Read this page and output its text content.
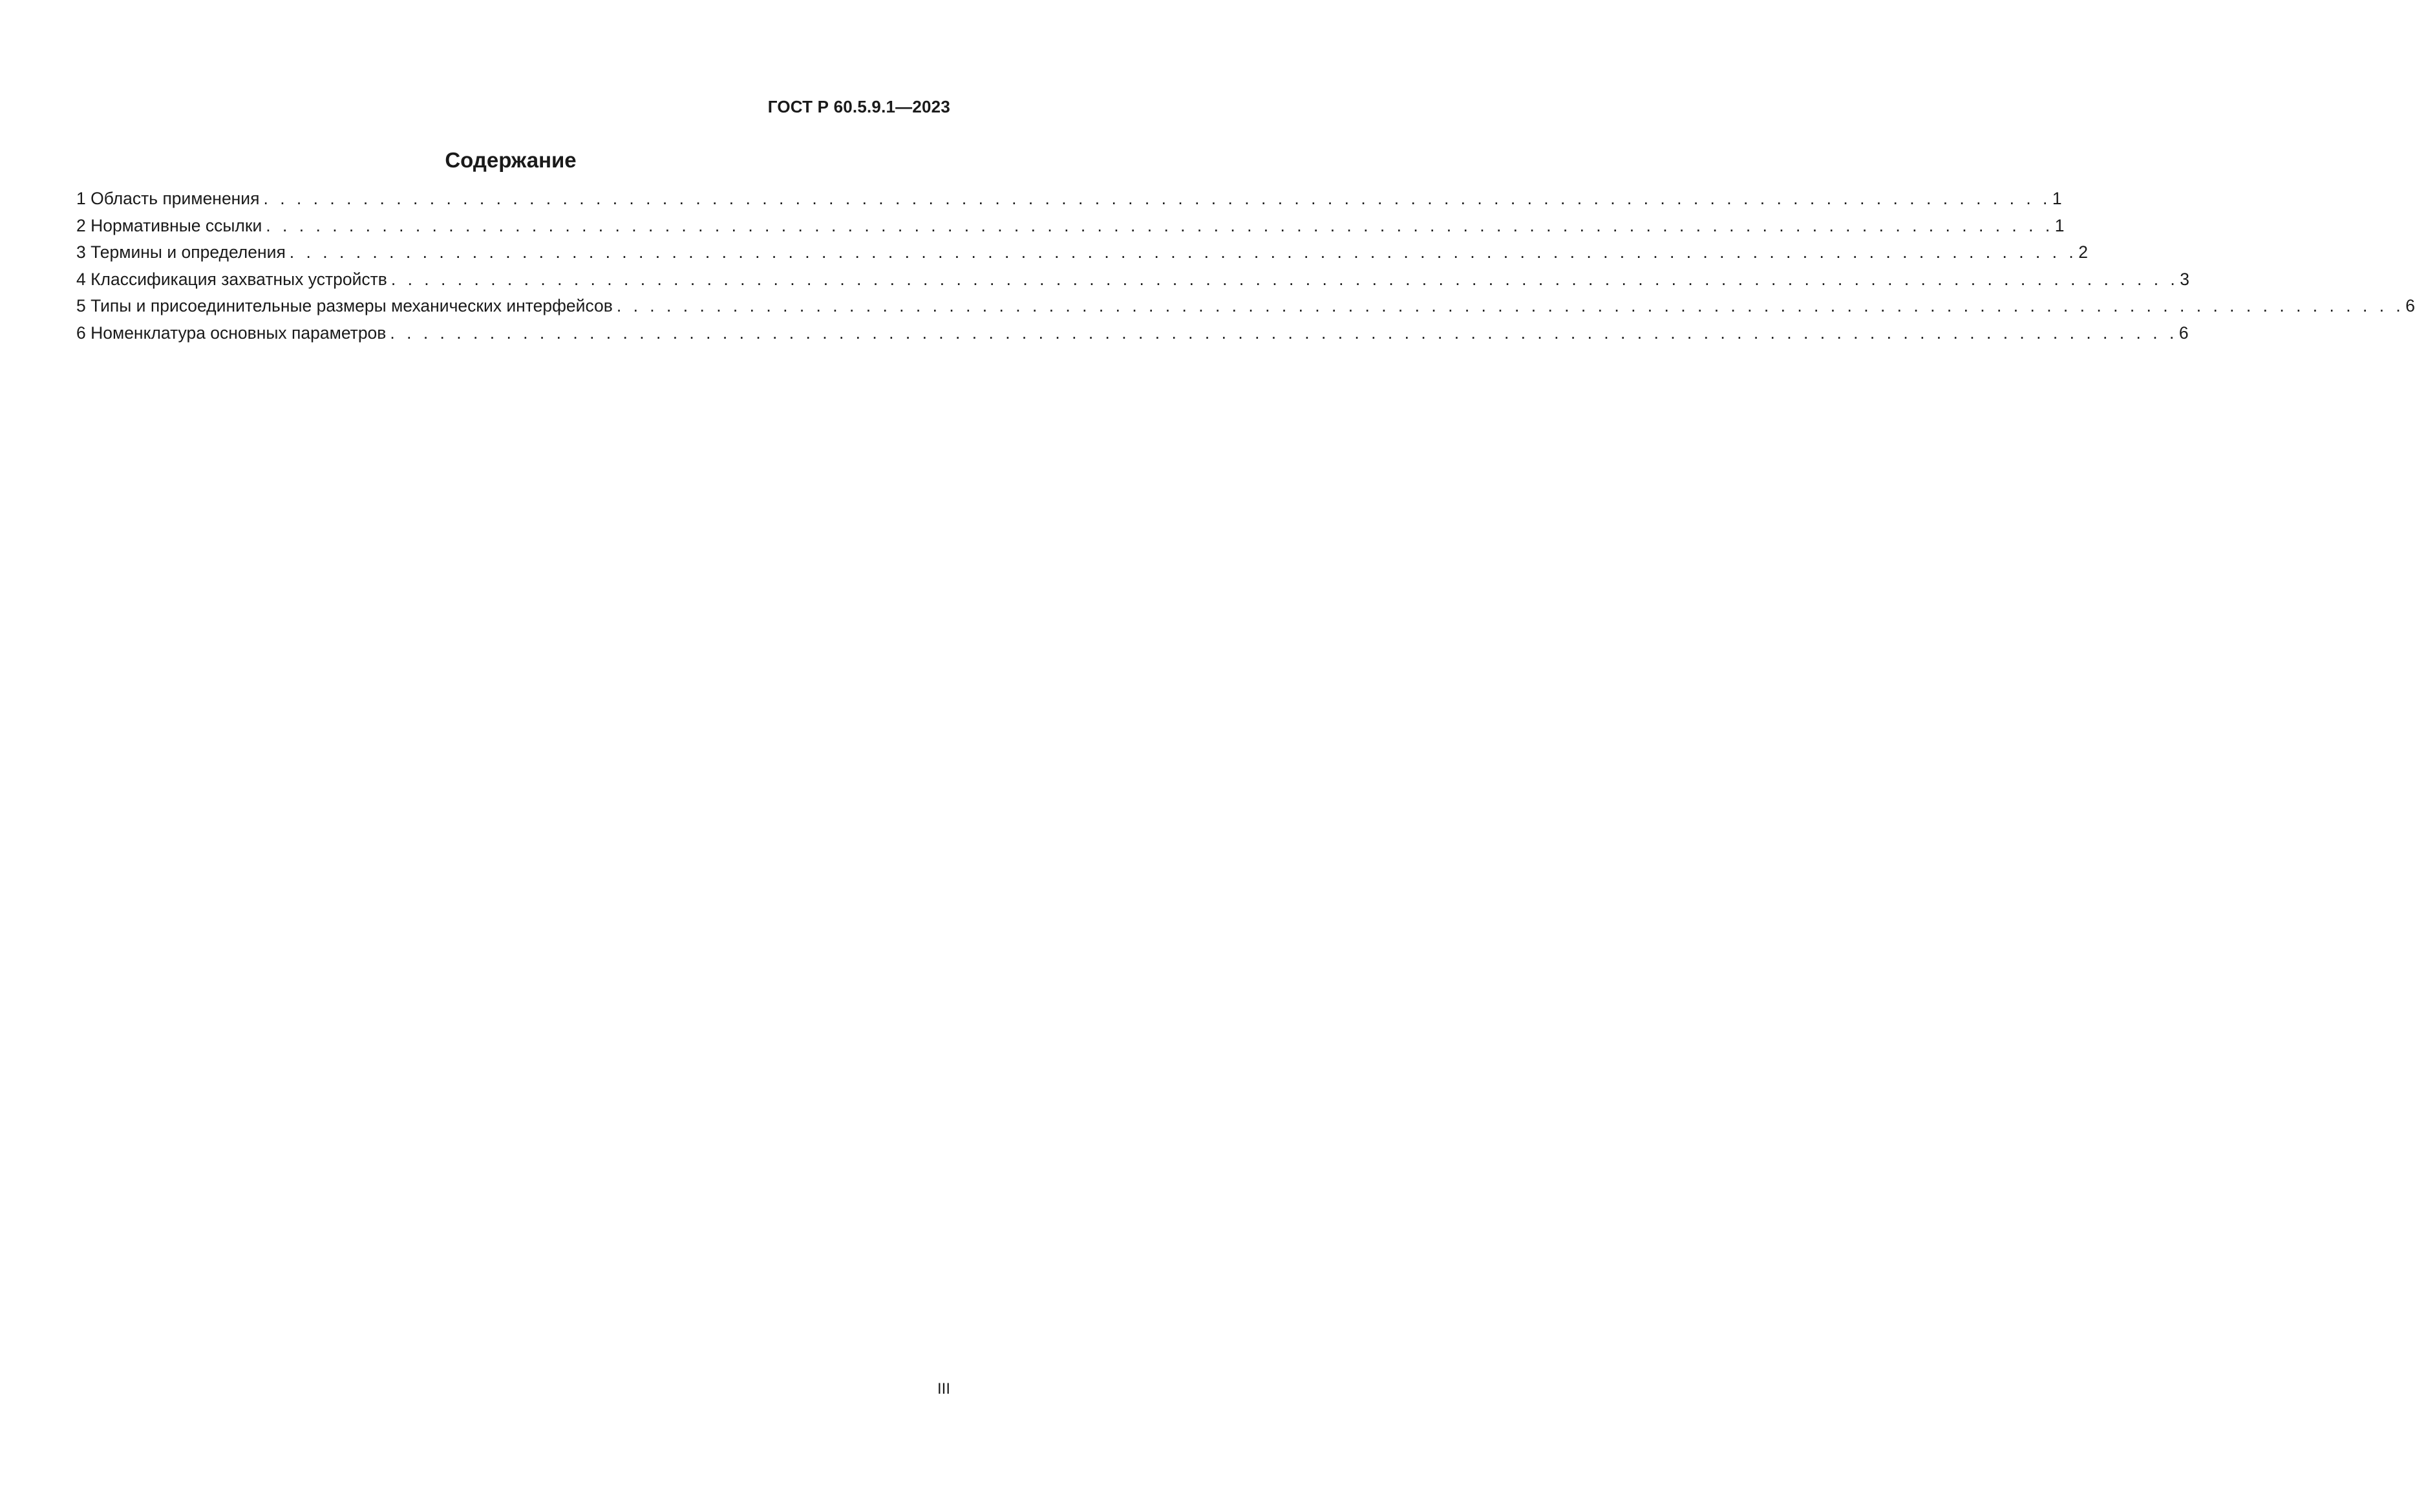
ГОСТ Р 60.5.9.1—2023
Содержание
1 Область применения . . . . . . . . . . . . . . . . . . . . . . . . . . . . . . . . . . . . . . . . . . . . . . . . . . . . . . . . . . . . . . . . . . . . . . . . . . . . . . . . . . . . . . . . . . . . . . . . . . . . . . . . . . . . 1
2 Нормативные ссылки . . . . . . . . . . . . . . . . . . . . . . . . . . . . . . . . . . . . . . . . . . . . . . . . . . . . . . . . . . . . . . . . . . . . . . . . . . . . . . . . . . . . . . . . . . . . . . . . . . . . . . . . . . . . 1
3 Термины и определения . . . . . . . . . . . . . . . . . . . . . . . . . . . . . . . . . . . . . . . . . . . . . . . . . . . . . . . . . . . . . . . . . . . . . . . . . . . . . . . . . . . . . . . . . . . . . . . . . . . . . . . . . . . . 2
4 Классификация захватных устройств . . . . . . . . . . . . . . . . . . . . . . . . . . . . . . . . . . . . . . . . . . . . . . . . . . . . . . . . . . . . . . . . . . . . . . . . . . . . . . . . . . . . . . . . . . . . . . . . . . . . . . . . . . . . 3
5 Типы и присоединительные размеры механических интерфейсов . . . . . . . . . . . . . . . . . . . . . . . . . . . . . . . . . . . . . . . . . . . . . . . . . . . . . . . . . . . . . . . . . . . . . . . . . . . . . . . . . . . . . . . . . . . . . . . . . . . . . . . . . . . . 6
6 Номенклатура основных параметров . . . . . . . . . . . . . . . . . . . . . . . . . . . . . . . . . . . . . . . . . . . . . . . . . . . . . . . . . . . . . . . . . . . . . . . . . . . . . . . . . . . . . . . . . . . . . . . . . . . . . . . . . . . . 6
III
